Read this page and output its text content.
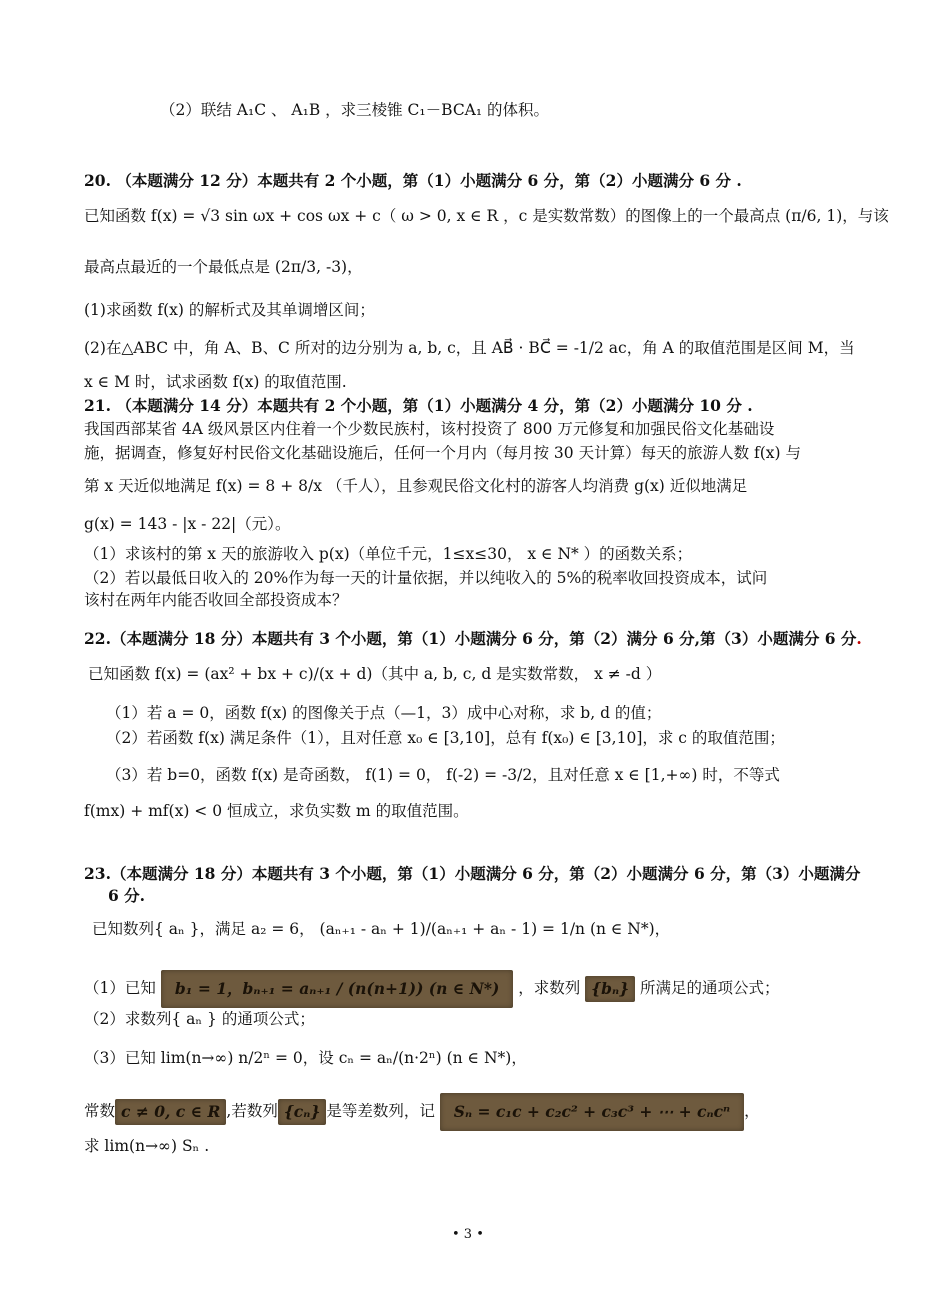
（2）联结 A₁C 、 A₁B ，求三棱锥 C₁－BCA₁ 的体积。
20. （本题满分 12 分）本题共有 2 个小题，第（1）小题满分 6 分，第（2）小题满分 6 分 .
已知函数 f(x) = √3 sin ωx + cos ωx + c（ ω > 0, x ∈ R ，c 是实数常数）的图像上的一个最高点 (π/6, 1)，与该
最高点最近的一个最低点是 (2π/3, -3)，
(1)求函数 f(x) 的解析式及其单调增区间；
(2)在△ABC 中，角 A、B、C 所对的边分别为 a, b, c，且 AB⃗ · BC⃗ = -1/2 ac，角 A 的取值范围是区间 M，当
x ∈ M 时，试求函数 f(x) 的取值范围.
21. （本题满分 14 分）本题共有 2 个小题，第（1）小题满分 4 分，第（2）小题满分 10 分 .
我国西部某省 4A 级风景区内住着一个少数民族村，该村投资了 800 万元修复和加强民俗文化基础设
施，据调查，修复好村民俗文化基础设施后，任何一个月内（每月按 30 天计算）每天的旅游人数 f(x) 与
第 x 天近似地满足 f(x) = 8 + 8/x （千人），且参观民俗文化村的游客人均消费 g(x) 近似地满足
g(x) = 143 - |x - 22|（元）。
（1）求该村的第 x 天的旅游收入 p(x)（单位千元，1≤x≤30， x ∈ N* ）的函数关系；
（2）若以最低日收入的 20%作为每一天的计量依据，并以纯收入的 5%的税率收回投资成本，试问
该村在两年内能否收回全部投资成本？
22.（本题满分 18 分）本题共有 3 个小题，第（1）小题满分 6 分，第（2）满分 6 分,第（3）小题满分 6 分.
已知函数 f(x) = (ax² + bx + c)/(x + d)（其中 a, b, c, d 是实数常数， x ≠ -d ）
（1）若 a = 0，函数 f(x) 的图像关于点（—1，3）成中心对称，求 b, d 的值；
（2）若函数 f(x) 满足条件（1），且对任意 x₀ ∈ [3,10]，总有 f(x₀) ∈ [3,10]，求 c 的取值范围；
（3）若 b=0，函数 f(x) 是奇函数， f(1) = 0， f(-2) = -3/2，且对任意 x ∈ [1,+∞) 时，不等式
f(mx) + mf(x) < 0 恒成立，求负实数 m 的取值范围。
23.（本题满分 18 分）本题共有 3 个小题，第（1）小题满分 6 分，第（2）小题满分 6 分，第（3）小题满分
6 分.
已知数列{ aₙ }，满足 a₂ = 6， (aₙ₊₁ - aₙ + 1)/(aₙ₊₁ + aₙ - 1) = 1/n (n ∈ N*)，
（1）已知 b₁ = 1，bₙ₊₁ = aₙ₊₁ / (n(n+1)) (n ∈ N*) ，求数列 {bₙ} 所满足的通项公式；
（2）求数列{ aₙ } 的通项公式；
（3）已知 lim(n→∞) n/2ⁿ = 0，设 cₙ = aₙ/(n·2ⁿ) (n ∈ N*)，
常数 c ≠ 0, c ∈ R ,若数列 {cₙ} 是等差数列，记 Sₙ = c₁c + c₂c² + c₃c³ + ⋯ + cₙcⁿ ，
求 lim(n→∞) Sₙ .
• 3 •
